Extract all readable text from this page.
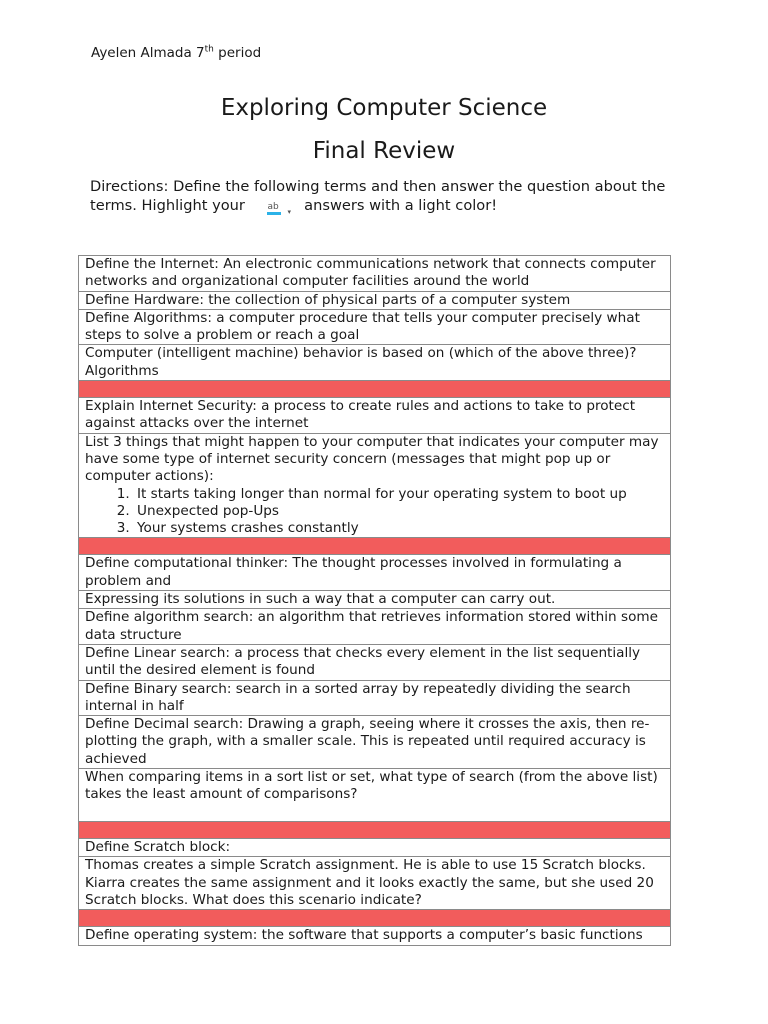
Ayelen Almada 7th period
Exploring Computer Science
Final Review
Directions: Define the following terms and then answer the question about the terms. Highlight your	ab ▾ answers with a light color!
Define the Internet: An electronic communications network that connects computer networks and organizational computer facilities around the world
Define Hardware: the collection of physical parts of a computer system
Define Algorithms: a computer procedure that tells your computer precisely what steps to solve a problem or reach a goal
Computer (intelligent machine) behavior is based on (which of the above three)? Algorithms

Explain Internet Security: a process to create rules and actions to take to protect against attacks over the internet

List 3 things that might happen to your computer that indicates your computer may have some type of internet security concern (messages that might pop up or computer actions):
1. It starts taking longer than normal for your operating system to boot up
2. Unexpected pop-Ups
3. Your systems crashes constantly

Define computational thinker: The thought processes involved in formulating a problem and
Expressing its solutions in such a way that a computer can carry out.
Define algorithm search: an algorithm that retrieves information stored within some data structure
Define Linear search: a process that checks every element in the list sequentially until the desired element is found
Define Binary search: search in a sorted array by repeatedly dividing the search internal in half
Define Decimal search: Drawing a graph, seeing where it crosses the axis, then re-plotting the graph, with a smaller scale. This is repeated until required accuracy is achieved
When comparing items in a sort list or set, what type of search (from the above list) takes the least amount of comparisons?

Define Scratch block:
Thomas creates a simple Scratch assignment. He is able to use 15 Scratch blocks. Kiarra creates the same assignment and it looks exactly the same, but she used 20 Scratch blocks. What does this scenario indicate?

Define operating system: the software that supports a computer’s basic functions
